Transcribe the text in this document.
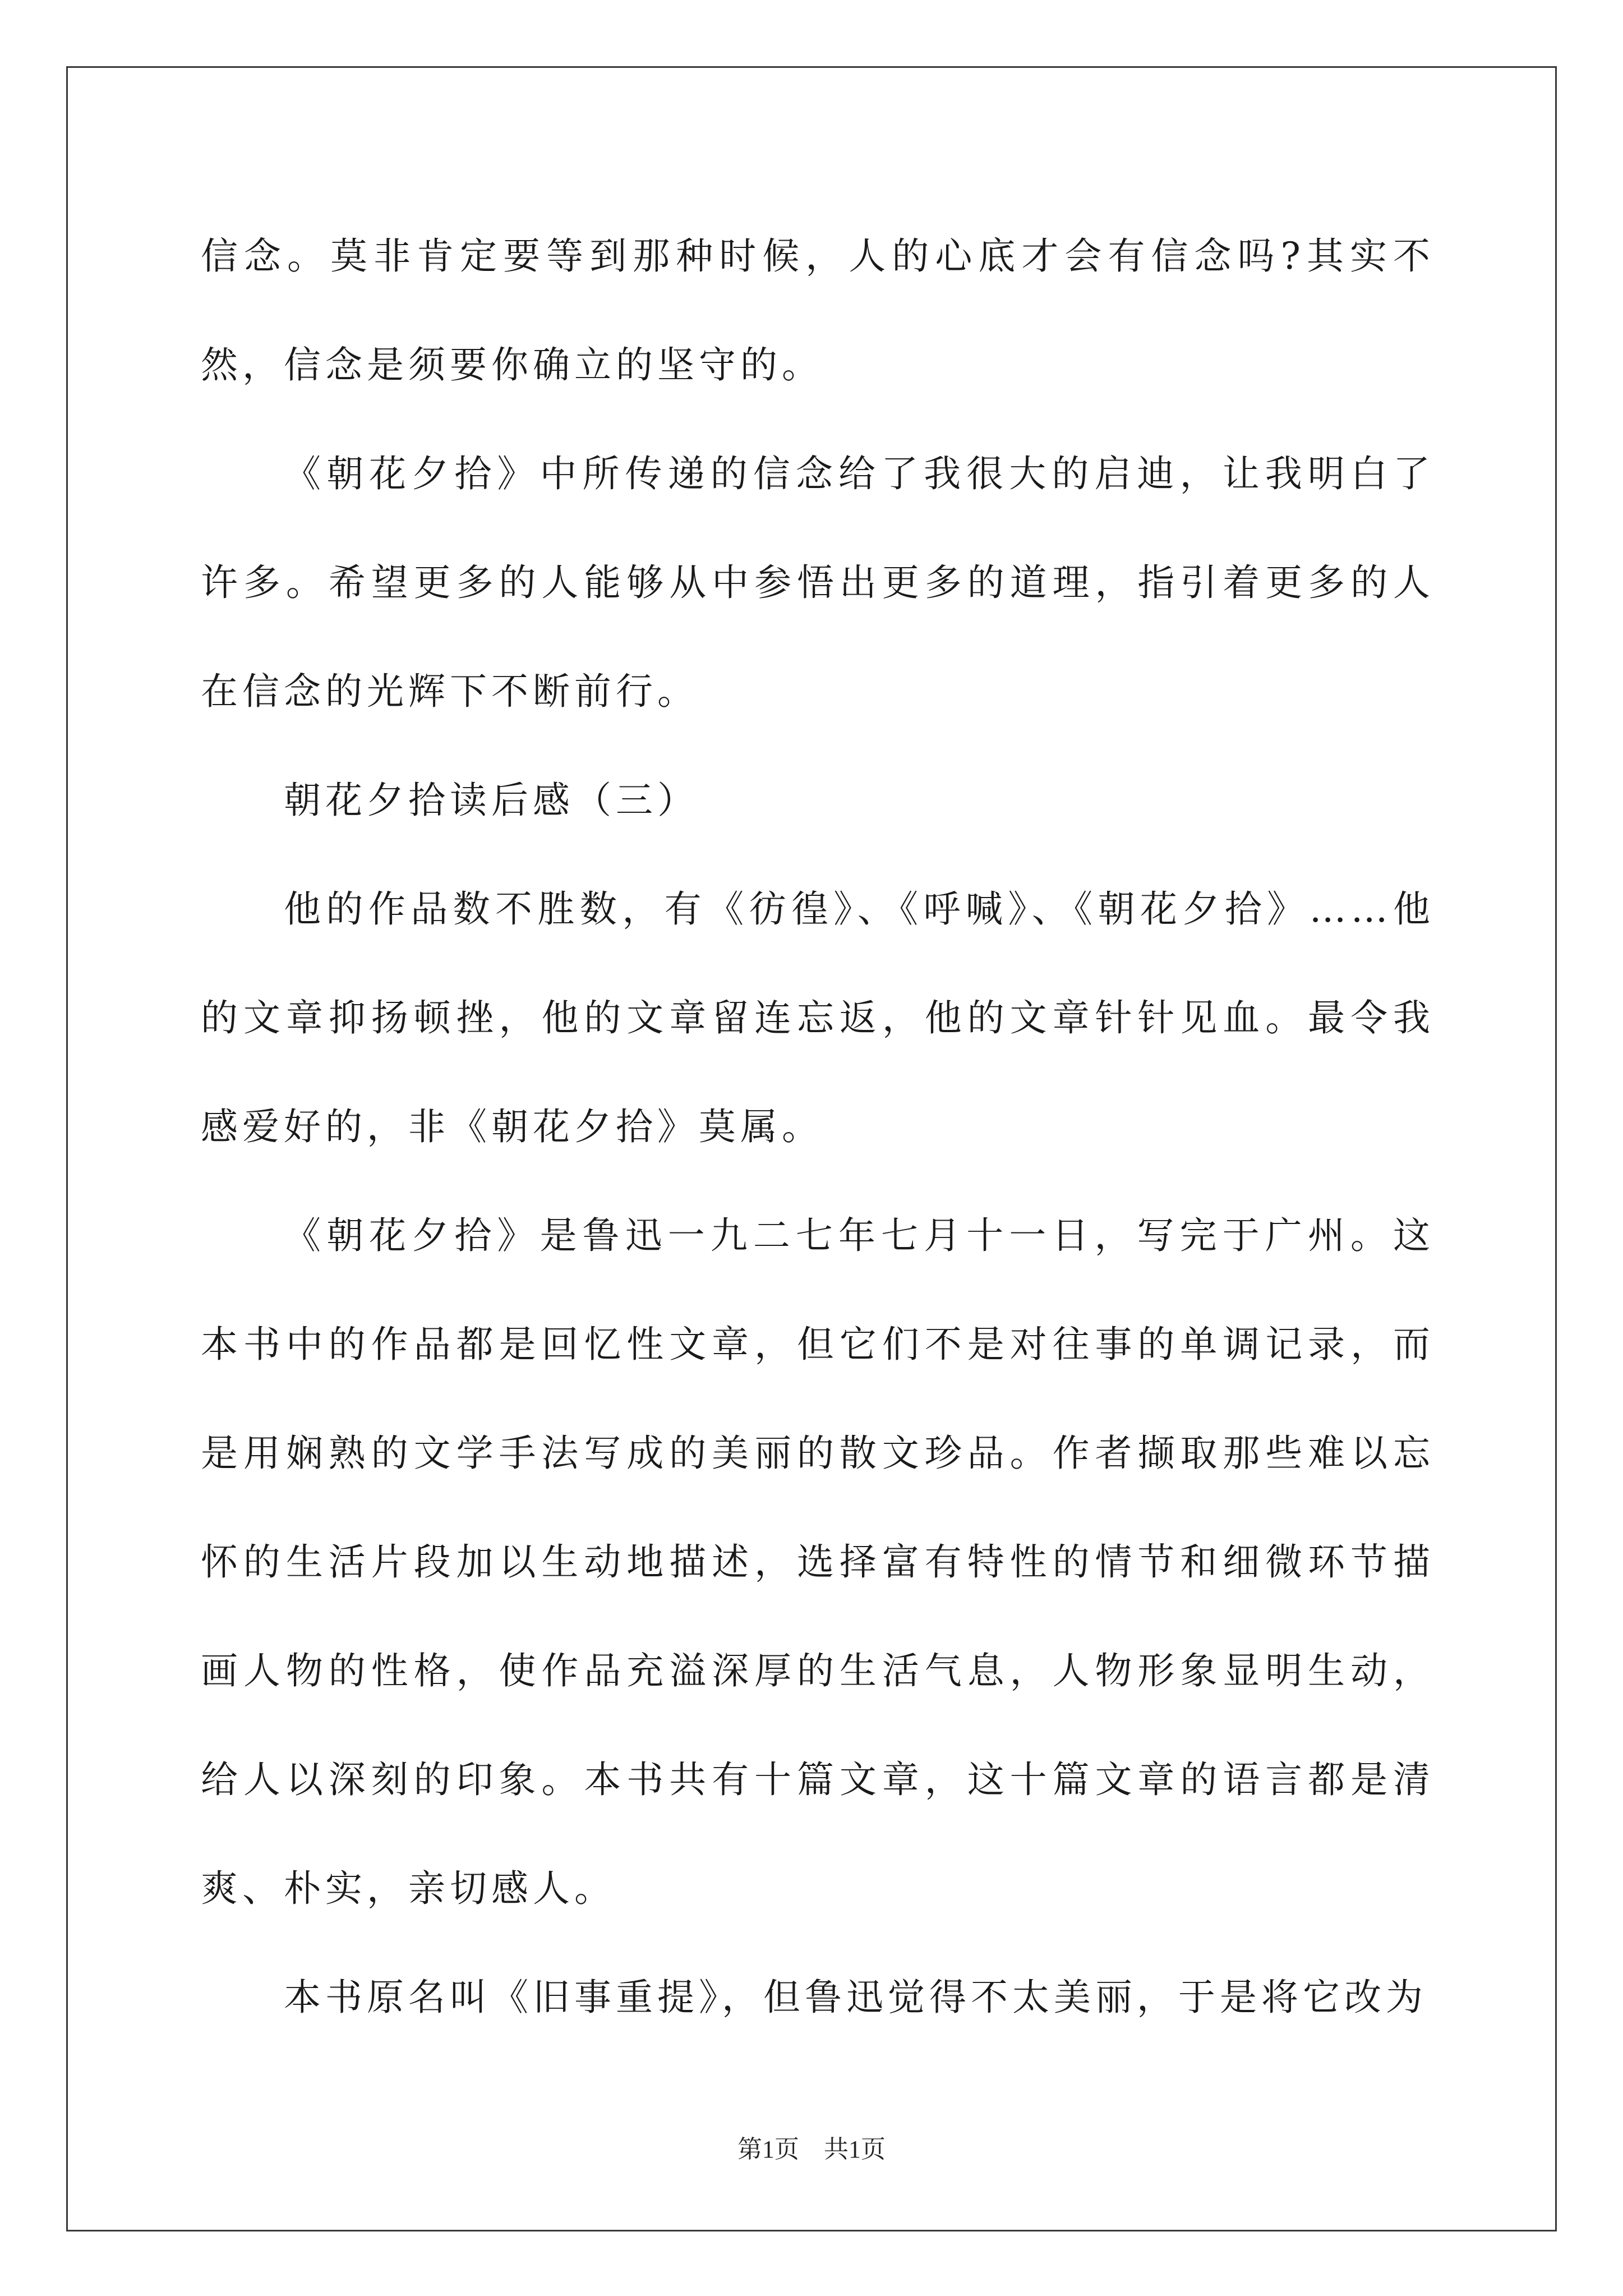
信念。莫非肯定要等到那种时候，人的心底才会有信念吗?其实不然，信念是须要你确立的坚守的。

《朝花夕拾》中所传递的信念给了我很大的启迪，让我明白了许多。希望更多的人能够从中参悟出更多的道理，指引着更多的人在信念的光辉下不断前行。

朝花夕拾读后感（三）

他的作品数不胜数，有《彷徨》、《呼喊》、《朝花夕拾》……他的文章抑扬顿挫，他的文章留连忘返，他的文章针针见血。最令我感爱好的，非《朝花夕拾》莫属。

《朝花夕拾》是鲁迅一九二七年七月十一日，写完于广州。这本书中的作品都是回忆性文章，但它们不是对往事的单调记录，而是用娴熟的文学手法写成的美丽的散文珍品。作者撷取那些难以忘怀的生活片段加以生动地描述，选择富有特性的情节和细微环节描画人物的性格，使作品充溢深厚的生活气息，人物形象显明生动，给人以深刻的印象。本书共有十篇文章，这十篇文章的语言都是清爽、朴实，亲切感人。

本书原名叫《旧事重提》，但鲁迅觉得不太美丽，于是将它改为

第1页　共1页
